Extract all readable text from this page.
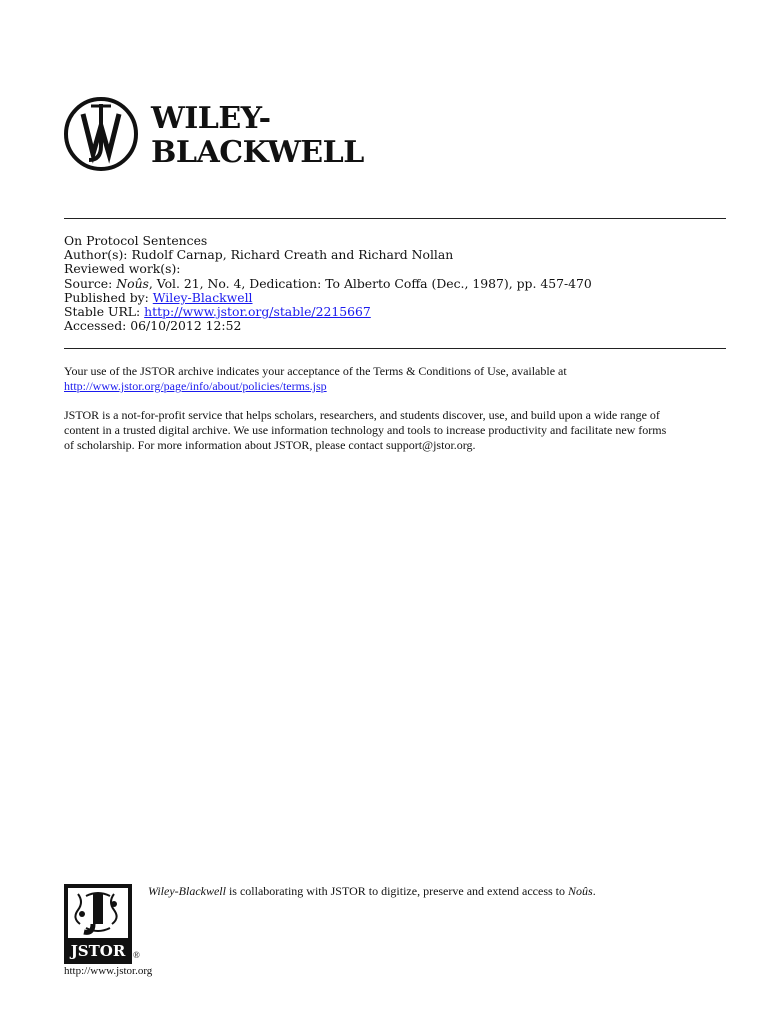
WILEY-
BLACKWELL
On Protocol Sentences
Author(s): Rudolf Carnap, Richard Creath and Richard Nollan
Reviewed work(s):
Source: Noûs, Vol. 21, No. 4, Dedication: To Alberto Coffa (Dec., 1987), pp. 457-470
Published by: Wiley-Blackwell
Stable URL: http://www.jstor.org/stable/2215667
Accessed: 06/10/2012 12:52

Your use of the JSTOR archive indicates your acceptance of the Terms & Conditions of Use, available at

http://www.jstor.org/page/info/about/policies/terms.jsp

JSTOR is a not-for-profit service that helps scholars, researchers, and students discover, use, and build upon a wide range of

content in a trusted digital archive. We use information technology and tools to increase productivity and facilitate new forms

of scholarship. For more information about JSTOR, please contact support@jstor.org.

JSTOR ®
http://www.jstor.org
Wiley-Blackwell is collaborating with JSTOR to digitize, preserve and extend access to Noûs.
